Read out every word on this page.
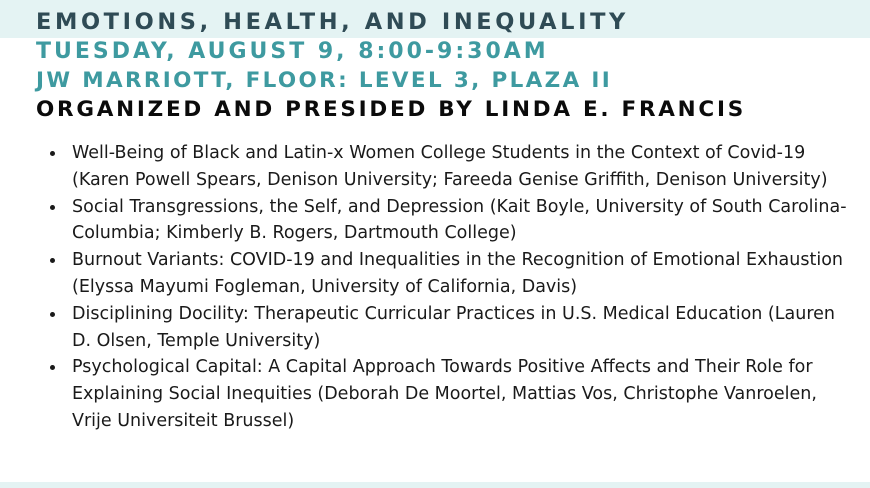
EMOTIONS, HEALTH, AND INEQUALITY
TUESDAY, AUGUST 9, 8:00-9:30AM
JW MARRIOTT, FLOOR: LEVEL 3, PLAZA II
ORGANIZED AND PRESIDED BY LINDA E. FRANCIS
Well-Being of Black and Latin-x Women College Students in the Context of Covid-19 (Karen Powell Spears, Denison University; Fareeda Genise Griffith, Denison University)
Social Transgressions, the Self, and Depression (Kait Boyle, University of South Carolina-Columbia; Kimberly B. Rogers, Dartmouth College)
Burnout Variants: COVID-19 and Inequalities in the Recognition of Emotional Exhaustion (Elyssa Mayumi Fogleman, University of California, Davis)
Disciplining Docility: Therapeutic Curricular Practices in U.S. Medical Education (Lauren D. Olsen, Temple University)
Psychological Capital: A Capital Approach Towards Positive Affects and Their Role for Explaining Social Inequities (Deborah De Moortel, Mattias Vos, Christophe Vanroelen, Vrije Universiteit Brussel)
